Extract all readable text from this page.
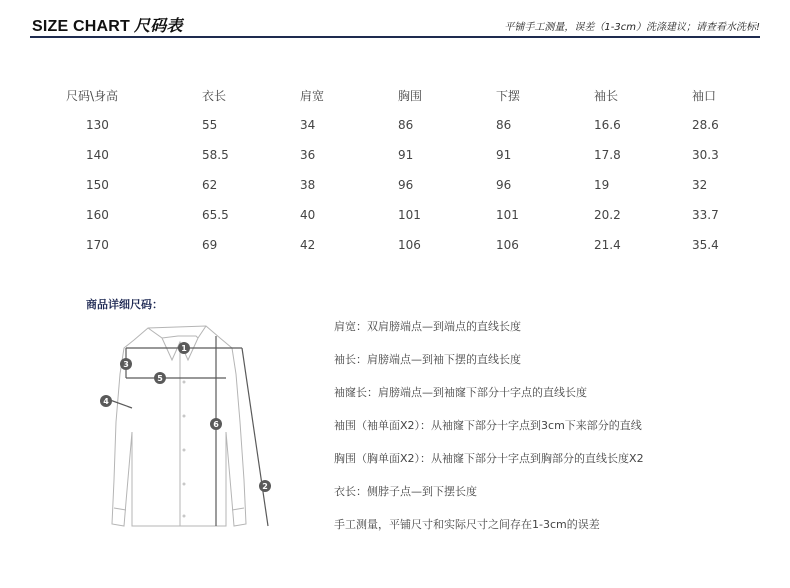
SIZE CHART 尺码表	平铺手工测量，误差（1-3cm）洗涤建议；请查看水洗标!
尺码\身高	衣长	肩宽	胸围	下摆	袖长	袖口
130	55	34	86	86	16.6	28.6
140	58.5	36	91	91	17.8	30.3
150	62	38	96	96	19	32
160	65.5	40	101	101	20.2	33.7
170	69	42	106	106	21.4	35.4
商品详细尺码：
1
2
3
4
5
6
肩宽：双肩膀端点—到端点的直线长度
袖长：肩膀端点—到袖下摆的直线长度
袖窿长：肩膀端点—到袖窿下部分十字点的直线长度
袖围（袖单面X2）：从袖窿下部分十字点到3cm下来部分的直线
胸围（胸单面X2）：从袖窿下部分十字点到胸部分的直线长度X2
衣长：侧脖子点—到下摆长度
手工测量，平铺尺寸和实际尺寸之间存在1-3cm的误差
